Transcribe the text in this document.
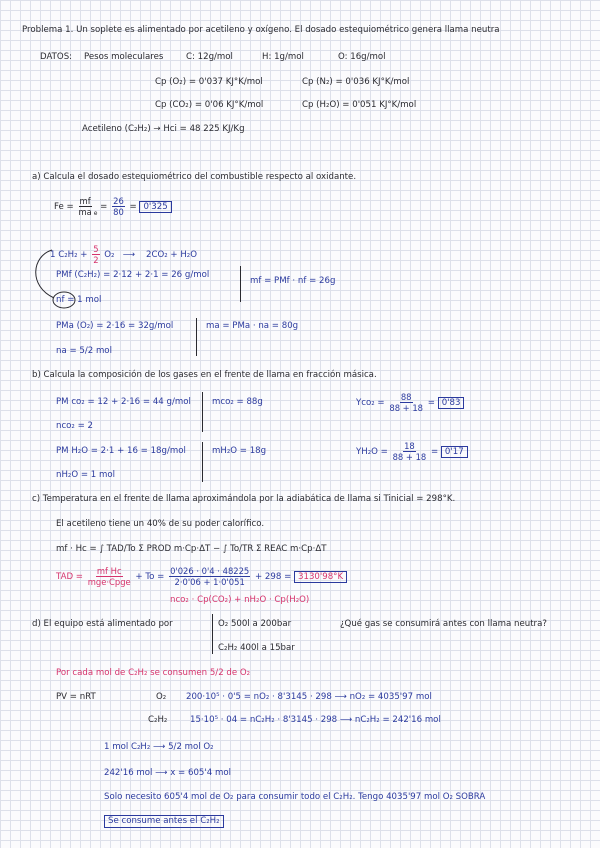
Problema 1. Un soplete es alimentado por acetileno y oxígeno. El dosado estequiométrico genera llama neutra
DATOS: Pesos moleculares	C: 12g/mol	H: 1g/mol	O: 16g/mol
Cp (O₂) = 0'037 KJ°K/mol	Cp (N₂) = 0'036 KJ°K/mol
Cp (CO₂) = 0'06 KJ°K/mol	Cp (H₂O) = 0'051 KJ°K/mol
Acetileno (C₂H₂) → Hci = 48 225 KJ/Kg
a) Calcula el dosado estequiométrico del combustible respecto al oxidante.
$Fe = \frac{mf}{ma} _e = \frac{26}{80} = 0'325$
1 $C_2H_2 + \frac{5}{2} O_2$ ⟶ 2CO₂ + H₂O
PMf (C₂H₂) = 2·12 + 2·1 = 26 g/mol
mf = PMf · nf = 26g
nf = 1 mol
PMa (O₂) = 2·16 = 32g/mol	ma = PMa · na = 80g
na = 5/2 mol
b) Calcula la composición de los gases en el frente de llama en fracción másica.
PM co₂ = 12 + 2·16 = 44 g/mol mco₂ = 88g	$Yco_2 = \frac{88}{88 + 18} = 0'83$
nco₂ = 2
PM H₂O = 2·1 + 16 = 18g/mol	mH₂O = 18g	$YH_2O = \frac{18}{88 + 18} = 0'17$
nH₂O = 1 mol
c) Temperatura en el frente de llama aproximándola por la adiabática de llama si Tinicial = 298°K.
El acetileno tiene un 40% de su poder calorífico.
mf · Hc = ∫ TAD/To Σ PROD m·Cp·ΔT − ∫ To/TR Σ REAC m·Cp·ΔT
TAD = $\frac{\text{mf Hc}}{\text{mge·Cpge}} + To = \frac{0'026 \cdot 0'4 \cdot 48225}{2\cdot 0'06 + 1\cdot 0'051} + 298 = 3130'98^\circ K$
nco₂ · Cp(CO₂) + nH₂O · Cp(H₂O)
d) El equipo está alimentado por	O₂ 500l a 200bar
C₂H₂ 400l a 15bar
¿Qué gas se consumirá antes con llama neutra?
Por cada mol de C₂H₂ se consumen 5/2 de O₂
PV = nRT	O₂ 200·10⁵ · 0'5 = nO₂ · 8'3145 · 298 ⟶ nO₂ = 4035'97 mol
C₂H₂	15·10⁵ · 04 = nC₂H₂ · 8'3145 · 298 ⟶ nC₂H₂ = 242'16 mol
1 mol C₂H₂ ⟶ 5/2 mol O₂
242'16 mol ⟶ x = 605'4 mol
Solo necesito 605'4 mol de O₂ para consumir todo el C₂H₂. Tengo 4035'97 mol O₂ SOBRA
Se consume antes el C₂H₂
